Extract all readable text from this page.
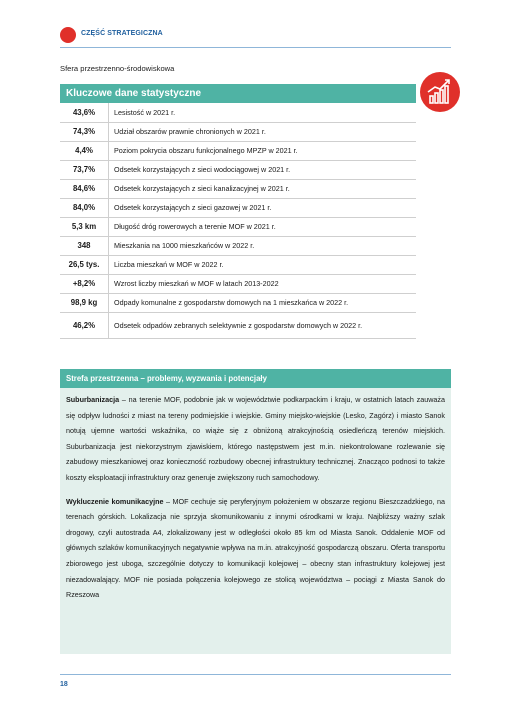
CZĘŚĆ STRATEGICZNA
Sfera przestrzenno-środowiskowa
Kluczowe dane statystyczne	
43,6%	Lesistość w 2021 r.
74,3%	Udział obszarów prawnie chronionych w 2021 r.
4,4%	Poziom pokrycia obszaru funkcjonalnego MPZP w 2021 r.
73,7%	Odsetek korzystających z sieci wodociągowej w 2021 r.
84,6%	Odsetek korzystających z sieci kanalizacyjnej w 2021 r.
84,0%	Odsetek korzystających z sieci gazowej w 2021 r.
5,3 km	Długość dróg rowerowych a terenie MOF w 2021 r.
348	Mieszkania na 1000 mieszkańców w 2022 r.
26,5 tys.	Liczba mieszkań w MOF w 2022 r.
+8,2%	Wzrost liczby mieszkań w MOF w latach 2013-2022
98,9 kg	Odpady komunalne z gospodarstw domowych na 1 mieszkańca w 2022 r.
46,2%	Odsetek odpadów zebranych selektywnie z gospodarstw domowych w 2022 r.
Strefa przestrzenna – problemy, wyzwania i potencjały

Suburbanizacja – na terenie MOF, podobnie jak w województwie podkarpackim i kraju, w ostatnich latach zauważa się odpływ ludności z miast na tereny podmiejskie i wiejskie. Gminy miejsko-wiejskie (Lesko, Zagórz) i miasto Sanok notują ujemne wartości wskaźnika, co wiąże się z obniżoną atrakcyjnością osiedleńczą terenów miejskich. Suburbanizacja jest niekorzystnym zjawiskiem, którego następstwem jest m.in. niekontrolowane rozlewanie się zabudowy mieszkaniowej oraz konieczność rozbudowy obecnej infrastruktury technicznej. Znacząco podnosi to także koszty eksploatacji infrastruktury oraz generuje zwiększony ruch samochodowy.

Wykluczenie komunikacyjne – MOF cechuje się peryferyjnym położeniem w obszarze regionu Bieszczadzkiego, na terenach górskich. Lokalizacja nie sprzyja skomunikowaniu z innymi ośrodkami w kraju. Najbliższy ważny szlak drogowy, czyli autostrada A4, zlokalizowany jest w odległości około 85 km od Miasta Sanok. Oddalenie MOF od głównych szlaków komunikacyjnych negatywnie wpływa na m.in. atrakcyjność gospodarczą obszaru. Oferta transportu zbiorowego jest uboga, szczególnie dotyczy to komunikacji kolejowej – obecny stan infrastruktury kolejowej jest niezadowalający. MOF nie posiada połączenia kolejowego ze stolicą województwa – pociągi z Miasta Sanok do Rzeszowa

18
